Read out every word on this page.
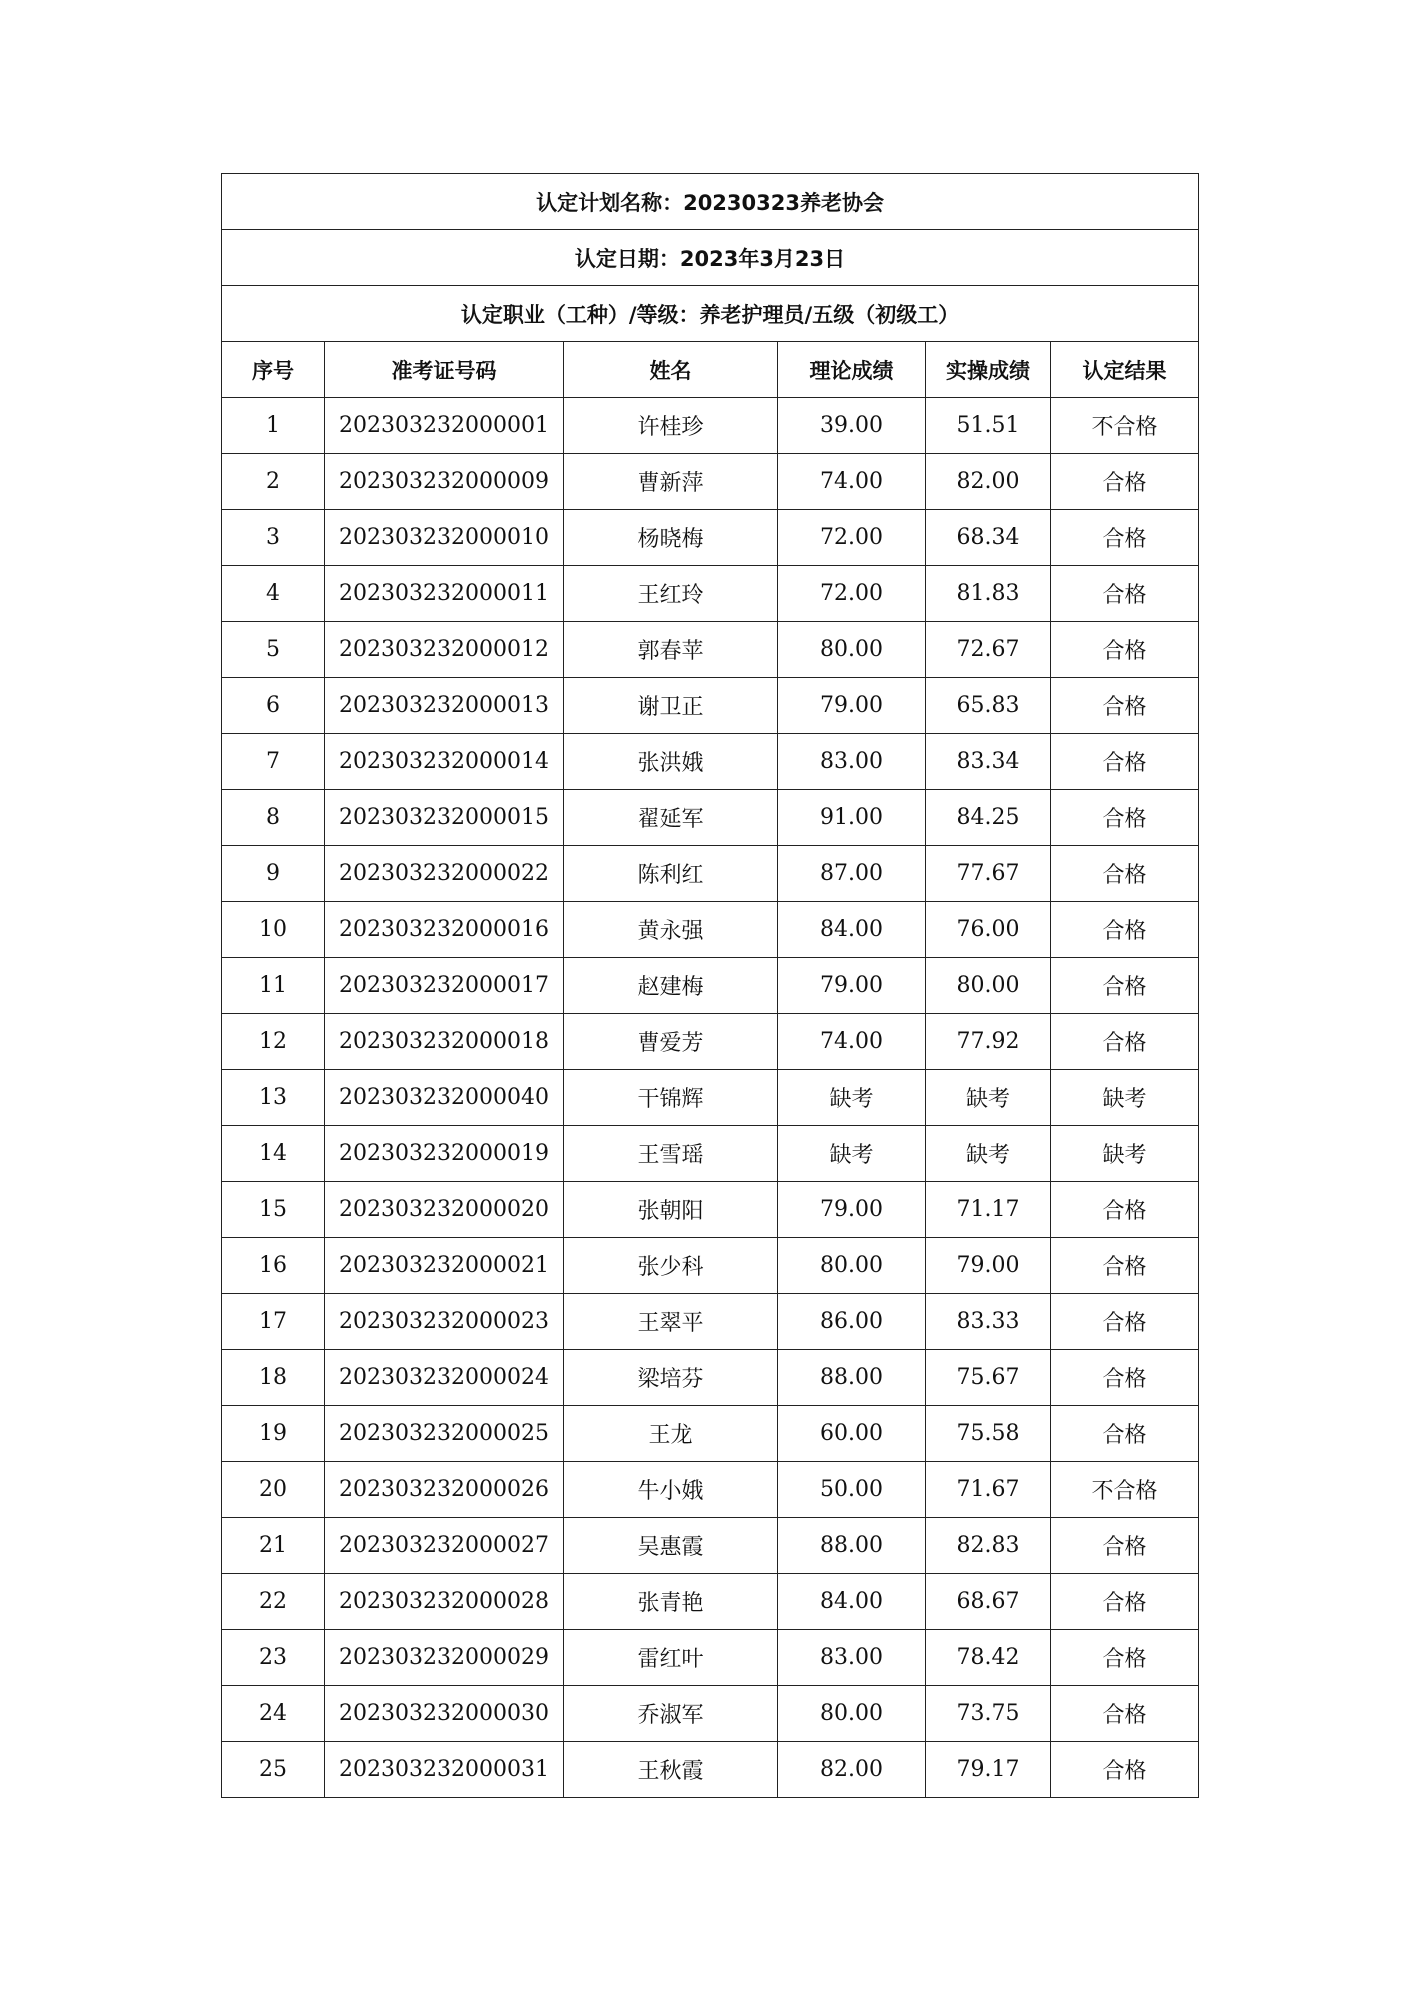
认定计划名称：20230323养老协会					
认定日期：2023年3月23日					
认定职业（工种）/等级：养老护理员/五级（初级工）					
序号	准考证号码	姓名	理论成绩	实操成绩	认定结果
1	202303232000001	许桂珍	39.00	51.51	不合格
2	202303232000009	曹新萍	74.00	82.00	合格
3	202303232000010	杨晓梅	72.00	68.34	合格
4	202303232000011	王红玲	72.00	81.83	合格
5	202303232000012	郭春苹	80.00	72.67	合格
6	202303232000013	谢卫正	79.00	65.83	合格
7	202303232000014	张洪娥	83.00	83.34	合格
8	202303232000015	翟延军	91.00	84.25	合格
9	202303232000022	陈利红	87.00	77.67	合格
10	202303232000016	黄永强	84.00	76.00	合格
11	202303232000017	赵建梅	79.00	80.00	合格
12	202303232000018	曹爱芳	74.00	77.92	合格
13	202303232000040	干锦辉	缺考	缺考	缺考
14	202303232000019	王雪瑶	缺考	缺考	缺考
15	202303232000020	张朝阳	79.00	71.17	合格
16	202303232000021	张少科	80.00	79.00	合格
17	202303232000023	王翠平	86.00	83.33	合格
18	202303232000024	梁培芬	88.00	75.67	合格
19	202303232000025	王龙	60.00	75.58	合格
20	202303232000026	牛小娥	50.00	71.67	不合格
21	202303232000027	吴惠霞	88.00	82.83	合格
22	202303232000028	张青艳	84.00	68.67	合格
23	202303232000029	雷红叶	83.00	78.42	合格
24	202303232000030	乔淑军	80.00	73.75	合格
25	202303232000031	王秋霞	82.00	79.17	合格
